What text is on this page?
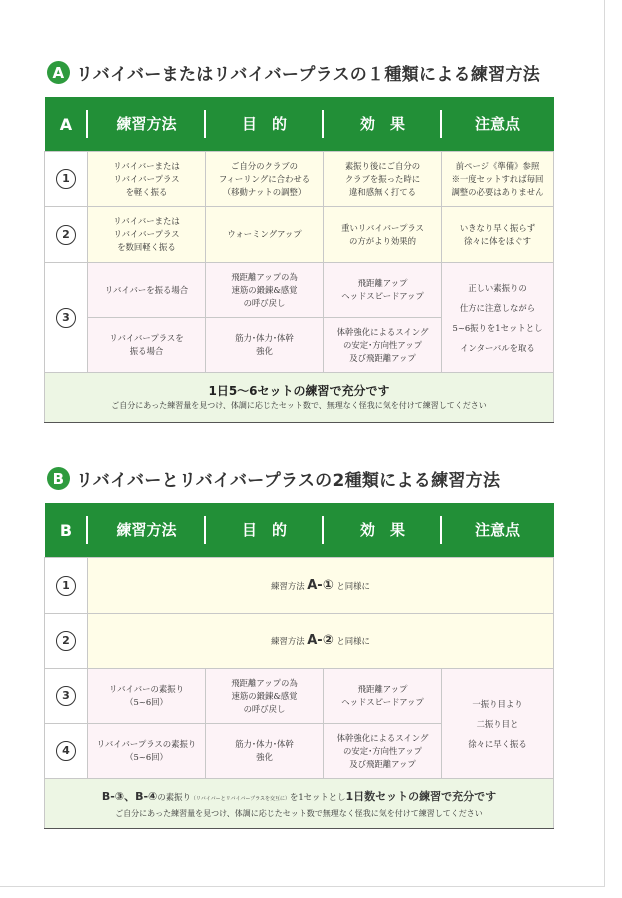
A リバイバーまたはリバイバープラスの１種類による練習方法
A	練習方法	目　的	効　果	注意点
1	リバイバーまたは
リバイバープラス
を軽く振る	ご自分のクラブの
フィーリングに合わせる
（移動ナットの調整）	素振り後にご自分の
クラブを振った時に
違和感無く打てる	前ページ《準備》参照
※一度セットすれば毎回
調整の必要はありません
2	リバイバーまたは
リバイバープラス
を数回軽く振る	ウォーミングアップ	重いリバイバープラス
の方がより効果的	いきなり早く振らず
徐々に体をほぐす
3	リバイバーを振る場合	飛距離アップの為
速筋の鍛錬&感覚
の呼び戻し	飛距離アップ
ヘッドスピードアップ	正しい素振りの
仕方に注意しながら
5~6振りを1セットとし
インターバルを取る
	リバイバープラスを
振る場合	筋力･体力･体幹
強化	体幹強化によるスイング
の安定･方向性アップ
及び飛距離アップ	

1日5～6セットの練習で充分です
ご自分にあった練習量を見つけ、体調に応じたセット数で、無理なく怪我に気を付けて練習してください				
B リバイバーとリバイバープラスの2種類による練習方法
B	練習方法	目　的	効　果	注意点
1	練習方法 A-① と同様に			
2	練習方法 A-② と同様に			
3	リバイバーの素振り
（5~6回）	飛距離アップの為
速筋の鍛錬&感覚
の呼び戻し	飛距離アップ
ヘッドスピードアップ	一振り目より
二振り目と
徐々に早く振る
4	リバイバープラスの素振り
（5~6回）	筋力･体力･体幹
強化	体幹強化によるスイング
の安定･方向性アップ
及び飛距離アップ	

B-③、B-④の素振り（リバイバーとリバイバープラスを交互に）を1セットとし1日数セットの練習で充分です
ご自分にあった練習量を見つけ、体調に応じたセット数で無理なく怪我に気を付けて練習してください				
